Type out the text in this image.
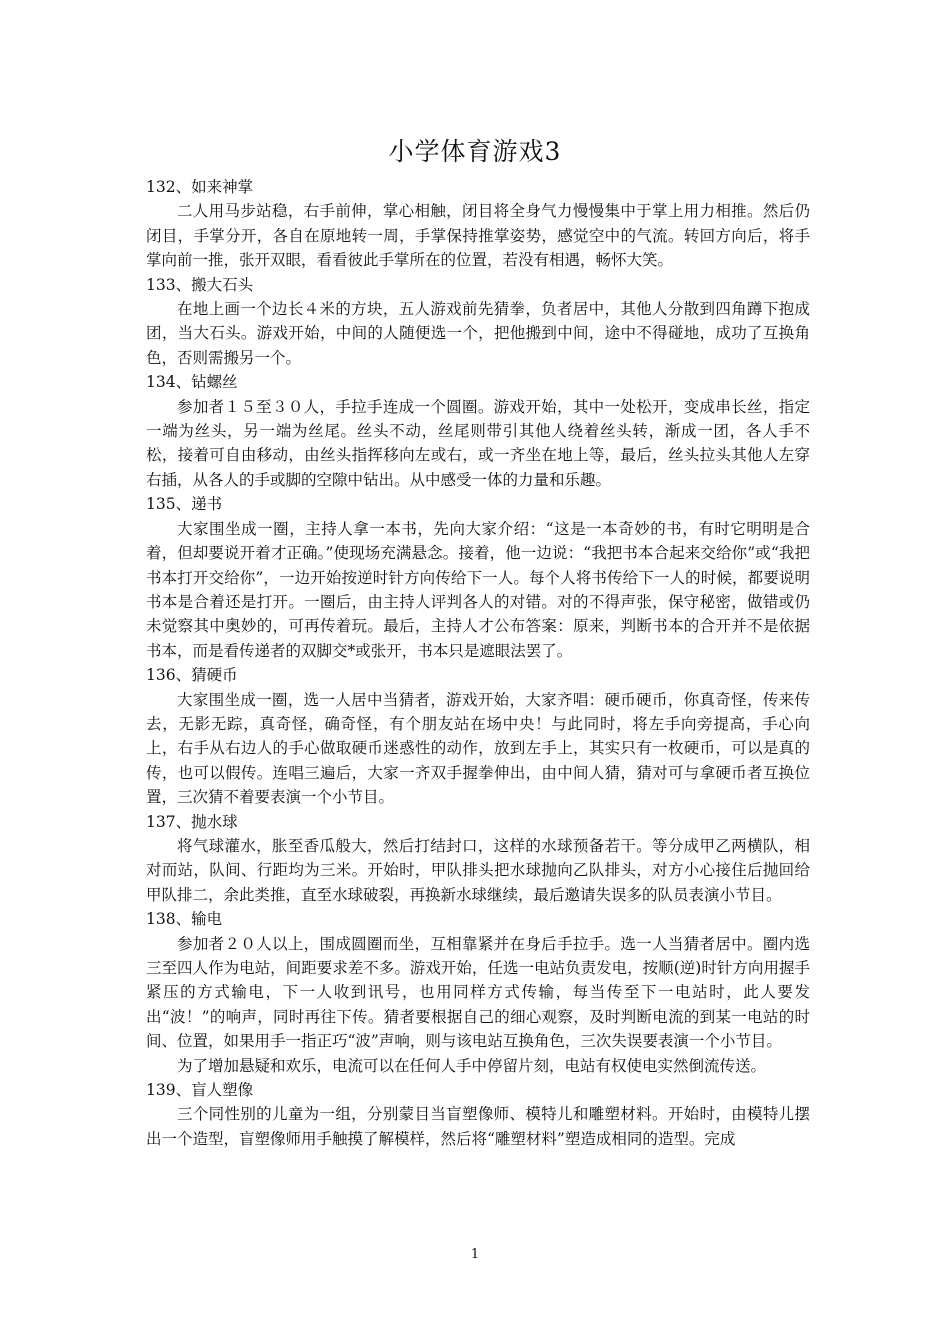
小学体育游戏3

132、如来神掌

二人用马步站稳，右手前伸，掌心相触，闭目将全身气力慢慢集中于掌上用力相推。然后仍闭目，手掌分开，各自在原地转一周，手掌保持推掌姿势，感觉空中的气流。转回方向后，将手掌向前一推，张开双眼，看看彼此手掌所在的位置，若没有相遇，畅怀大笑。

133、搬大石头

在地上画一个边长４米的方块，五人游戏前先猜拳，负者居中，其他人分散到四角蹲下抱成团，当大石头。游戏开始，中间的人随便选一个，把他搬到中间，途中不得碰地，成功了互换角色，否则需搬另一个。

134、钻螺丝

参加者１５至３０人，手拉手连成一个圆圈。游戏开始，其中一处松开，变成串长丝，指定一端为丝头，另一端为丝尾。丝头不动，丝尾则带引其他人绕着丝头转，渐成一团，各人手不松，接着可自由移动，由丝头指挥移向左或右，或一齐坐在地上等，最后，丝头拉头其他人左穿右插，从各人的手或脚的空隙中钻出。从中感受一体的力量和乐趣。

135、递书

大家围坐成一圈，主持人拿一本书，先向大家介绍：“这是一本奇妙的书，有时它明明是合着，但却要说开着才正确。”使现场充满悬念。接着，他一边说：“我把书本合起来交给你”或“我把书本打开交给你”，一边开始按逆时针方向传给下一人。每个人将书传给下一人的时候，都要说明书本是合着还是打开。一圈后，由主持人评判各人的对错。对的不得声张，保守秘密，做错或仍未觉察其中奥妙的，可再传着玩。最后，主持人才公布答案：原来，判断书本的合开并不是依据书本，而是看传递者的双脚交*或张开，书本只是遮眼法罢了。

136、猜硬币

大家围坐成一圈，选一人居中当猜者，游戏开始，大家齐唱：硬币硬币，你真奇怪，传来传去，无影无踪，真奇怪，确奇怪，有个朋友站在场中央！与此同时，将左手向旁提高，手心向上，右手从右边人的手心做取硬币迷惑性的动作，放到左手上，其实只有一枚硬币，可以是真的传，也可以假传。连唱三遍后，大家一齐双手握拳伸出，由中间人猜，猜对可与拿硬币者互换位置，三次猜不着要表演一个小节目。

137、抛水球

将气球灌水，胀至香瓜般大，然后打结封口，这样的水球预备若干。等分成甲乙两横队，相对而站，队间、行距均为三米。开始时，甲队排头把水球抛向乙队排头，对方小心接住后抛回给甲队排二，余此类推，直至水球破裂，再换新水球继续，最后邀请失误多的队员表演小节目。

138、输电

参加者２０人以上，围成圆圈而坐，互相靠紧并在身后手拉手。选一人当猜者居中。圈内选三至四人作为电站，间距要求差不多。游戏开始，任选一电站负责发电，按顺(逆)时针方向用握手紧压的方式输电，下一人收到讯号，也用同样方式传输，每当传至下一电站时，此人要发出“波！”的响声，同时再往下传。猜者要根据自己的细心观察，及时判断电流的到某一电站的时间、位置，如果用手一指正巧“波”声响，则与该电站互换角色，三次失误要表演一个小节目。

为了增加悬疑和欢乐，电流可以在任何人手中停留片刻，电站有权使电实然倒流传送。

139、盲人塑像

三个同性别的儿童为一组，分别蒙目当盲塑像师、模特儿和雕塑材料。开始时，由模特儿摆出一个造型，盲塑像师用手触摸了解模样，然后将“雕塑材料”塑造成相同的造型。完成

1
